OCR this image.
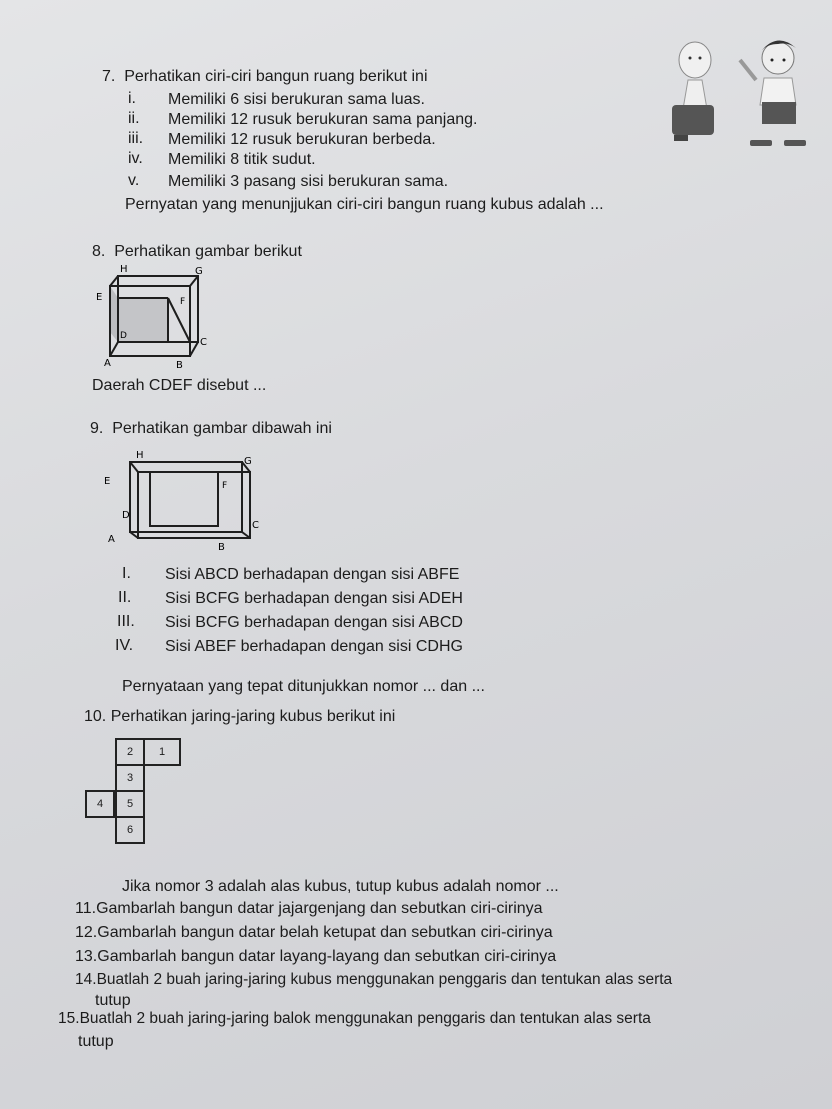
7. Perhatikan ciri-ciri bangun ruang berikut ini
i. Memiliki 6 sisi berukuran sama luas.
ii. Memiliki 12 rusuk berukuran sama panjang.
iii. Memiliki 12 rusuk berukuran berbeda.
iv. Memiliki 8 titik sudut.
v. Memiliki 3 pasang sisi berukuran sama.
Pernyatan yang menunjjukan ciri-ciri bangun ruang kubus adalah ...
8. Perhatikan gambar berikut
H	G
E	F
D
C
A	B
Daerah CDEF disebut ...
9. Perhatikan gambar dibawah ini
H
G
E	F
D
C
A
B
I. Sisi ABCD berhadapan dengan sisi ABFE
II. Sisi BCFG berhadapan dengan sisi ADEH
III. Sisi BCFG berhadapan dengan sisi ABCD
IV. Sisi ABEF berhadapan dengan sisi CDHG
Pernyataan yang tepat ditunjukkan nomor ... dan ...
10. Perhatikan jaring-jaring kubus berikut ini
2	1
3
4	5
6
Jika nomor 3 adalah alas kubus, tutup kubus adalah nomor ...
11.Gambarlah bangun datar jajargenjang dan sebutkan ciri-cirinya
12.Gambarlah bangun datar belah ketupat dan sebutkan ciri-cirinya
13.Gambarlah bangun datar layang-layang dan sebutkan ciri-cirinya
14.Buatlah 2 buah jaring-jaring kubus menggunakan penggaris dan tentukan alas serta
tutup
15.Buatlah 2 buah jaring-jaring balok menggunakan penggaris dan tentukan alas serta
tutup
